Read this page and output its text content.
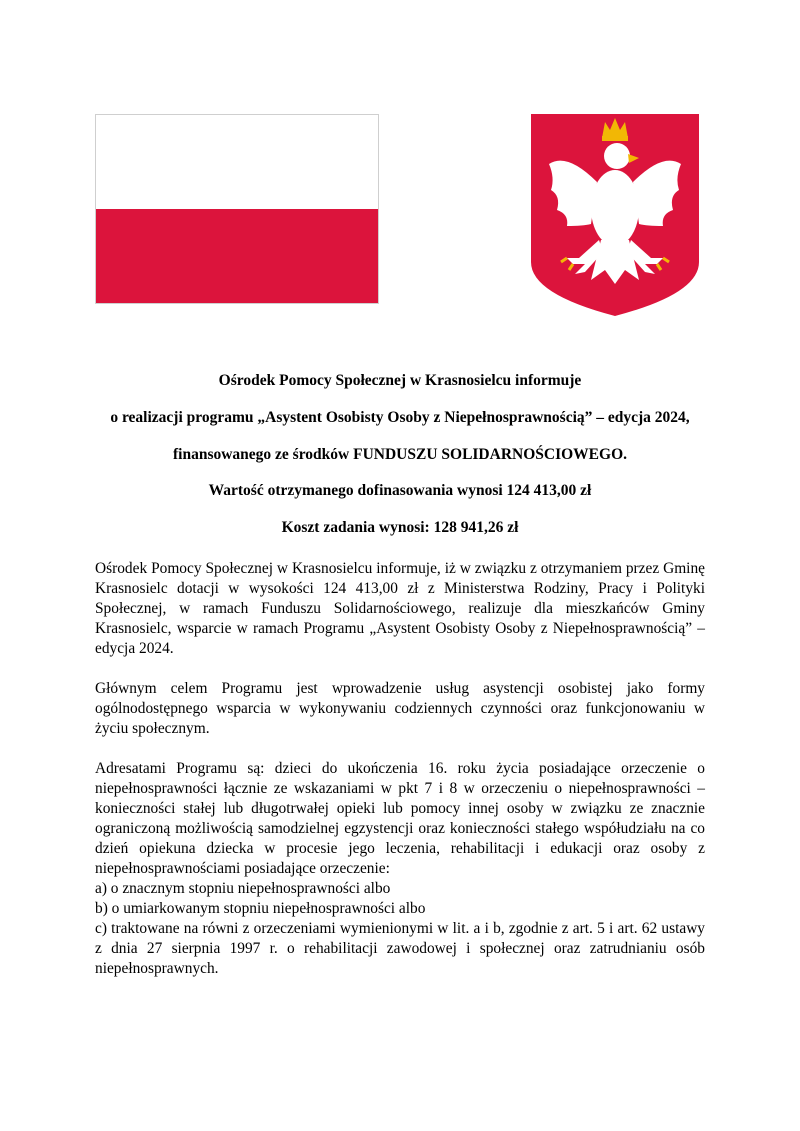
Ośrodek Pomocy Społecznej w Krasnosielcu informuje

o realizacji programu „Asystent Osobisty Osoby z Niepełnosprawnością” – edycja 2024,

finansowanego ze środków FUNDUSZU SOLIDARNOŚCIOWEGO.

Wartość otrzymanego dofinasowania wynosi 124 413,00 zł

Koszt zadania wynosi: 128 941,26 zł

Ośrodek Pomocy Społecznej w Krasnosielcu informuje, iż w związku z otrzymaniem przez Gminę Krasnosielc dotacji w wysokości 124 413,00 zł z Ministerstwa Rodziny, Pracy i Polityki Społecznej, w ramach Funduszu Solidarnościowego, realizuje dla mieszkańców Gminy Krasnosielc, wsparcie w ramach Programu „Asystent Osobisty Osoby z Niepełnosprawnością” – edycja 2024.

Głównym celem Programu jest wprowadzenie usług asystencji osobistej jako formy ogólnodostępnego wsparcia w wykonywaniu codziennych czynności oraz funkcjonowaniu w życiu społecznym.

Adresatami Programu są: dzieci do ukończenia 16. roku życia posiadające orzeczenie o niepełnosprawności łącznie ze wskazaniami w pkt 7 i 8 w orzeczeniu o niepełnosprawności – konieczności stałej lub długotrwałej opieki lub pomocy innej osoby w związku ze znacznie ograniczoną możliwością samodzielnej egzystencji oraz konieczności stałego współudziału na co dzień opiekuna dziecka w procesie jego leczenia, rehabilitacji i edukacji oraz osoby z niepełnosprawnościami posiadające orzeczenie:

a) o znacznym stopniu niepełnosprawności albo
b) o umiarkowanym stopniu niepełnosprawności albo
c) traktowane na równi z orzeczeniami wymienionymi w lit. a i b, zgodnie z art. 5 i art. 62 ustawy z dnia 27 sierpnia 1997 r. o rehabilitacji zawodowej i społecznej oraz zatrudnianiu osób niepełnosprawnych.
